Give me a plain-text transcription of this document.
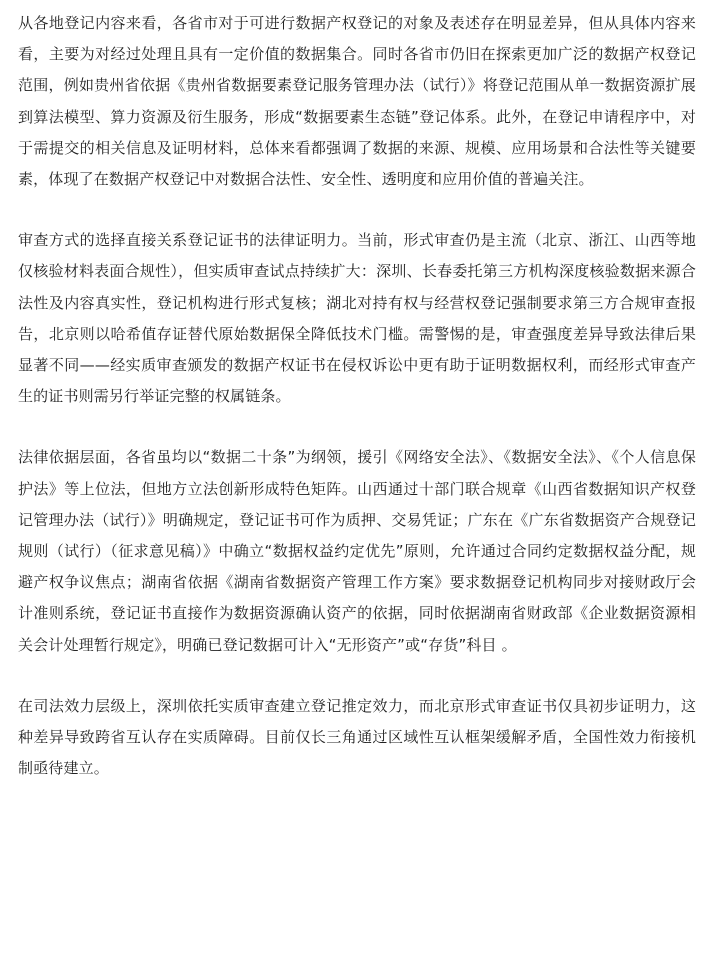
从各地登记内容来看，各省市对于可进行数据产权登记的对象及表述存在明显差异，但从具体内容来看，主要为对经过处理且具有一定价值的数据集合。同时各省市仍旧在探索更加广泛的数据产权登记范围，例如贵州省依据《贵州省数据要素登记服务管理办法（试行）》将登记范围从单一数据资源扩展到算法模型、算力资源及衍生服务，形成“数据要素生态链”登记体系。此外，在登记申请程序中，对于需提交的相关信息及证明材料，总体来看都强调了数据的来源、规模、应用场景和合法性等关键要素，体现了在数据产权登记中对数据合法性、安全性、透明度和应用价值的普遍关注。

审查方式的选择直接关系登记证书的法律证明力。当前，形式审查仍是主流（北京、浙江、山西等地仅核验材料表面合规性），但实质审查试点持续扩大：深圳、长春委托第三方机构深度核验数据来源合法性及内容真实性，登记机构进行形式复核；湖北对持有权与经营权登记强制要求第三方合规审查报告，北京则以哈希值存证替代原始数据保全降低技术门槛。需警惕的是，审查强度差异导致法律后果显著不同——经实质审查颁发的数据产权证书在侵权诉讼中更有助于证明数据权利，而经形式审查产生的证书则需另行举证完整的权属链条。

法律依据层面，各省虽均以“数据二十条”为纲领，援引《网络安全法》、《数据安全法》、《个人信息保护法》等上位法，但地方立法创新形成特色矩阵。山西通过十部门联合规章《山西省数据知识产权登记管理办法（试行）》明确规定，登记证书可作为质押、交易凭证；广东在《广东省数据资产合规登记规则（试行）（征求意见稿）》中确立“数据权益约定优先”原则，允许通过合同约定数据权益分配，规避产权争议焦点；湖南省依据《湖南省数据资产管理工作方案》要求数据登记机构同步对接财政厅会计准则系统，登记证书直接作为数据资源确认资产的依据，同时依据湖南省财政部《企业数据资源相关会计处理暂行规定》，明确已登记数据可计入“无形资产”或“存货”科目 。

在司法效力层级上，深圳依托实质审查建立登记推定效力，而北京形式审查证书仅具初步证明力，这种差异导致跨省互认存在实质障碍。目前仅长三角通过区域性互认框架缓解矛盾，全国性效力衔接机制亟待建立。
